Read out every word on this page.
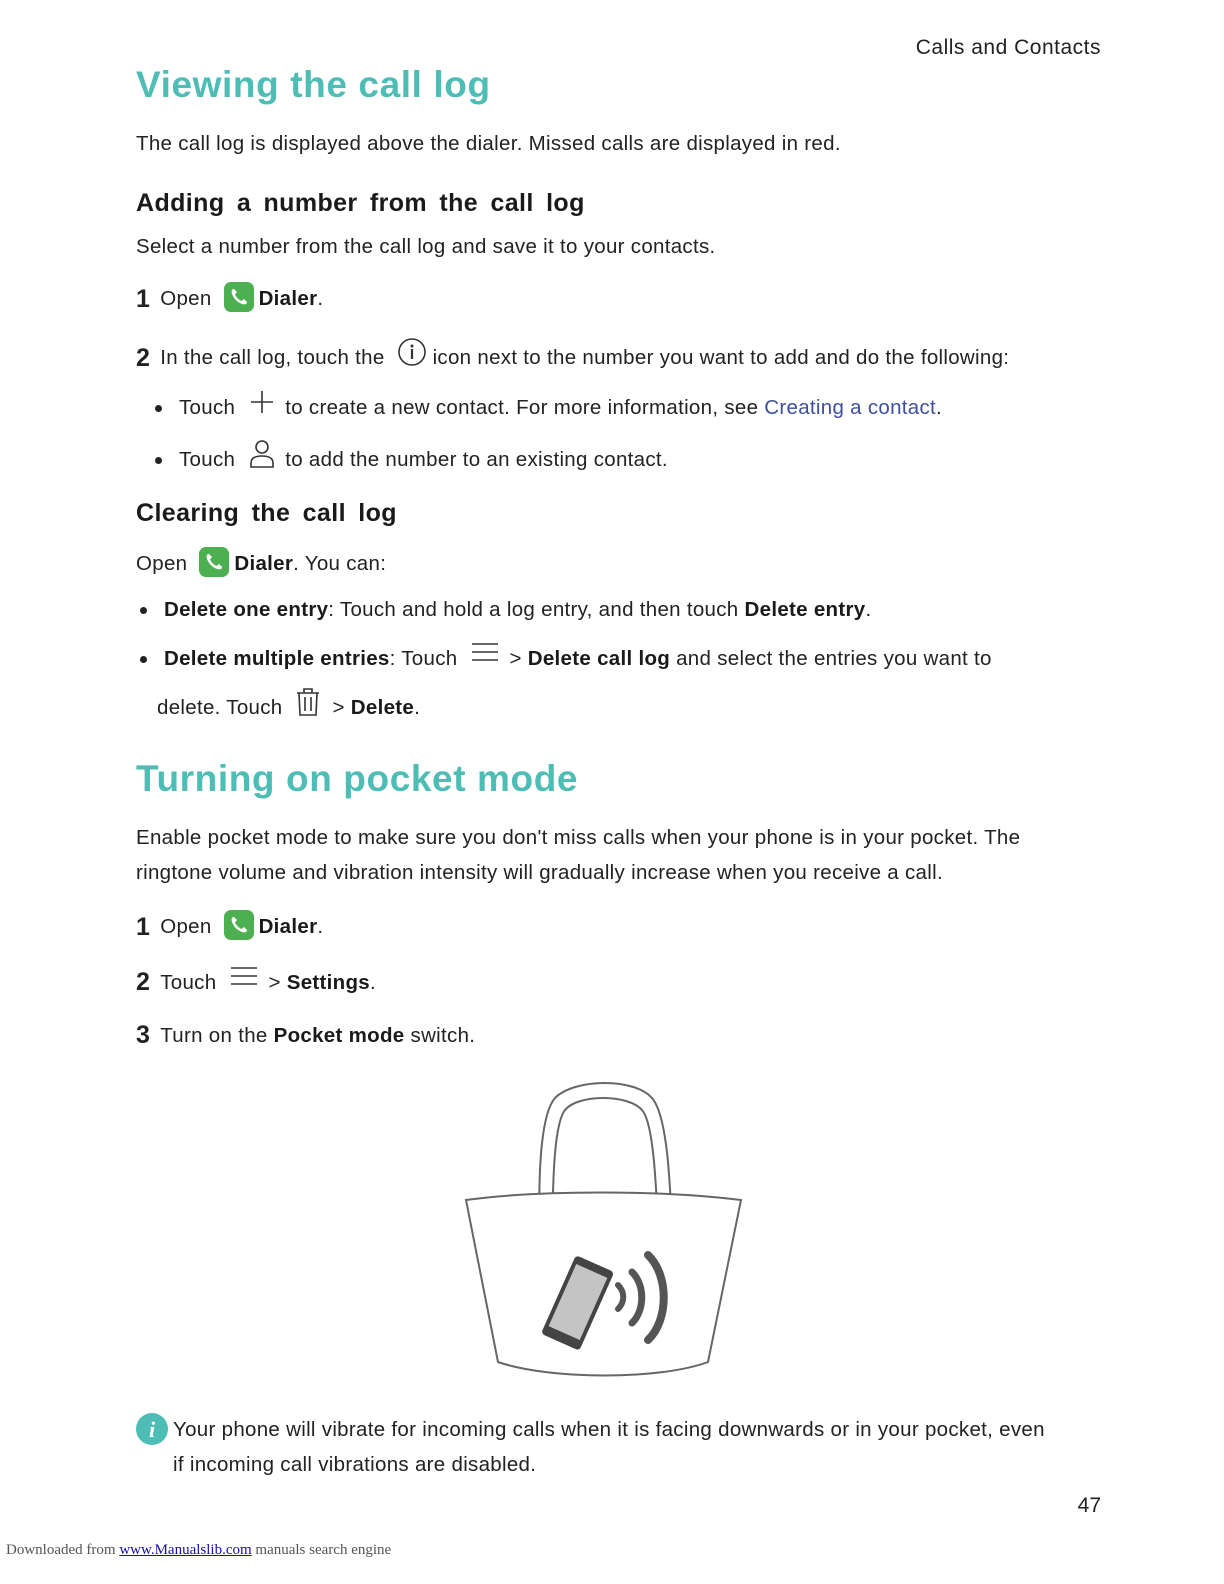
Calls and Contacts
Viewing the call log
The call log is displayed above the dialer. Missed calls are displayed in red.
Adding a number from the call log
Select a number from the call log and save it to your contacts.
1 Open Dialer .
2 In the call log, touch the icon next to the number you want to add and do the following:
Touch to create a new contact. For more information, see
Creating a contact .
Touch to add the number to an existing contact.
Clearing the call log
Open Dialer . You can:
Delete one entry : Touch and hold a log entry, and then touch
Delete entry .
Delete multiple entries : Touch	>
Delete call log
and select the entries you want to
delete. Touch >
Delete .
Turning on pocket mode
Enable pocket mode to make sure you don't miss calls when your phone is in your pocket. The
ringtone volume and vibration intensity will gradually increase when you receive a call.
1 Open Dialer .
2 Touch	>
Settings .
3 Turn on the
Pocket mode
switch.
i Your phone will vibrate for incoming calls when it is facing downwards or in your pocket, even
if incoming call vibrations are disabled.
47
Downloaded from www.Manualslib.com manuals search engine
